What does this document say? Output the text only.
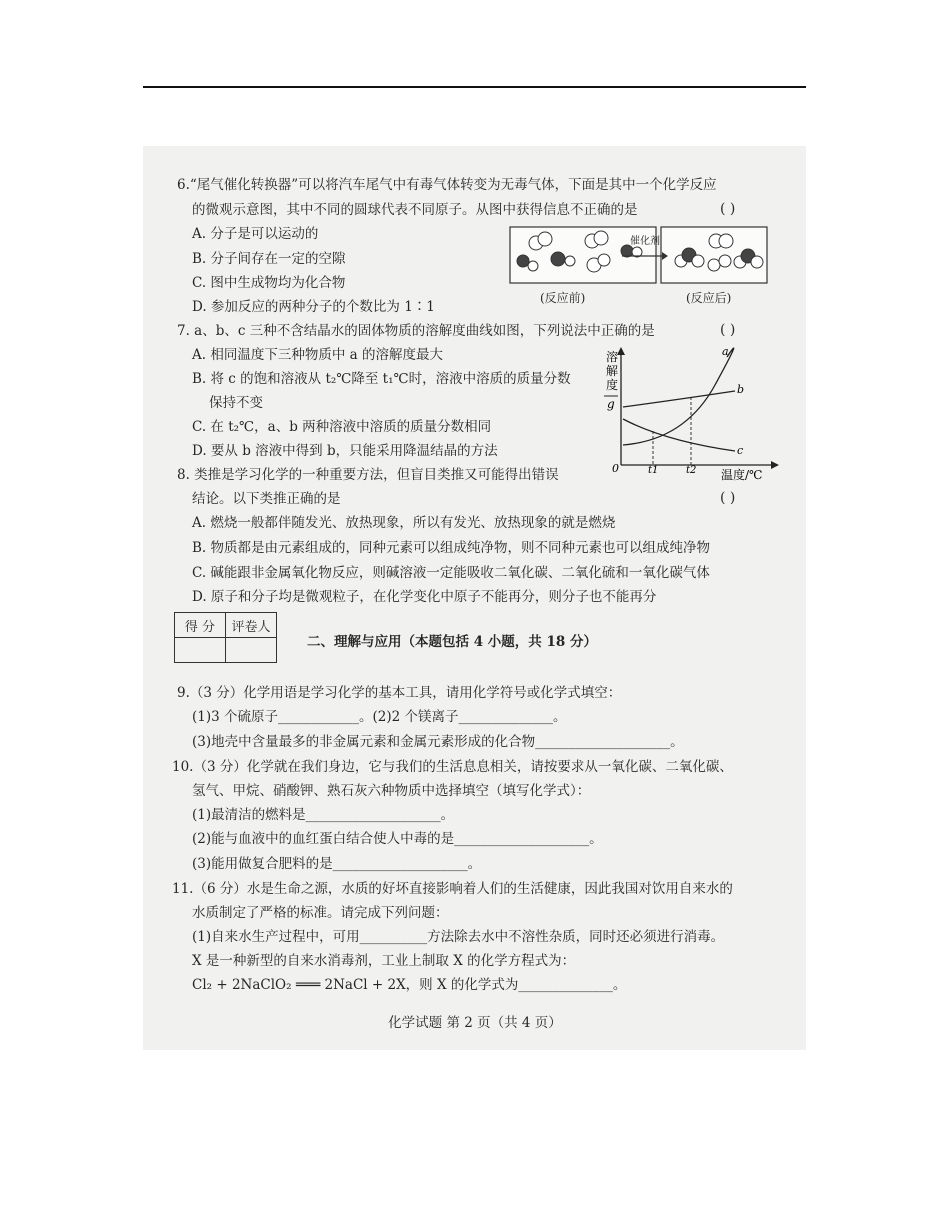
6.“尾气催化转换器”可以将汽车尾气中有毒气体转变为无毒气体，下面是其中一个化学反应
的微观示意图，其中不同的圆球代表不同原子。从图中获得信息不正确的是	( )
A. 分子是可以运动的
B. 分子间存在一定的空隙
C. 图中生成物均为化合物
D. 参加反应的两种分子的个数比为 1∶1
催化剂
(反应前)	(反应后)
7. a、b、c 三种不含结晶水的固体物质的溶解度曲线如图，下列说法中正确的是	( )
A. 相同温度下三种物质中 a 的溶解度最大
B. 将 c 的饱和溶液从 t₂℃降至 t₁℃时，溶液中溶质的质量分数
保持不变
C. 在 t₂℃，a、b 两种溶液中溶质的质量分数相同
D. 要从 b 溶液中得到 b，只能采用降温结晶的方法
溶
解
度
g
0	温度/℃
t1	t2
a
b
c
8. 类推是学习化学的一种重要方法，但盲目类推又可能得出错误
结论。以下类推正确的是	( )
A. 燃烧一般都伴随发光、放热现象，所以有发光、放热现象的就是燃烧
B. 物质都是由元素组成的，同种元素可以组成纯净物，则不同种元素也可以组成纯净物
C. 碱能跟非金属氧化物反应，则碱溶液一定能吸收二氧化碳、二氧化硫和一氧化碳气体
D. 原子和分子均是微观粒子，在化学变化中原子不能再分，则分子也不能再分
得 分	评卷人

二、理解与应用（本题包括 4 小题，共 18 分）
9.（3 分）化学用语是学习化学的基本工具，请用化学符号或化学式填空：
(1)3 个硫原子____________。(2)2 个镁离子______________。
(3)地壳中含量最多的非金属元素和金属元素形成的化合物____________________。
10.（3 分）化学就在我们身边，它与我们的生活息息相关，请按要求从一氧化碳、二氧化碳、
氢气、甲烷、硝酸钾、熟石灰六种物质中选择填空（填写化学式）：
(1)最清洁的燃料是____________________。
(2)能与血液中的血红蛋白结合使人中毒的是____________________。
(3)能用做复合肥料的是____________________。
11.（6 分）水是生命之源，水质的好坏直接影响着人们的生活健康，因此我国对饮用自来水的
水质制定了严格的标准。请完成下列问题：
(1)自来水生产过程中，可用__________方法除去水中不溶性杂质，同时还必须进行消毒。
X 是一种新型的自来水消毒剂，工业上制取 X 的化学方程式为：
Cl₂ + 2NaClO₂ ═══ 2NaCl + 2X，则 X 的化学式为______________。
化学试题 第 2 页（共 4 页）
